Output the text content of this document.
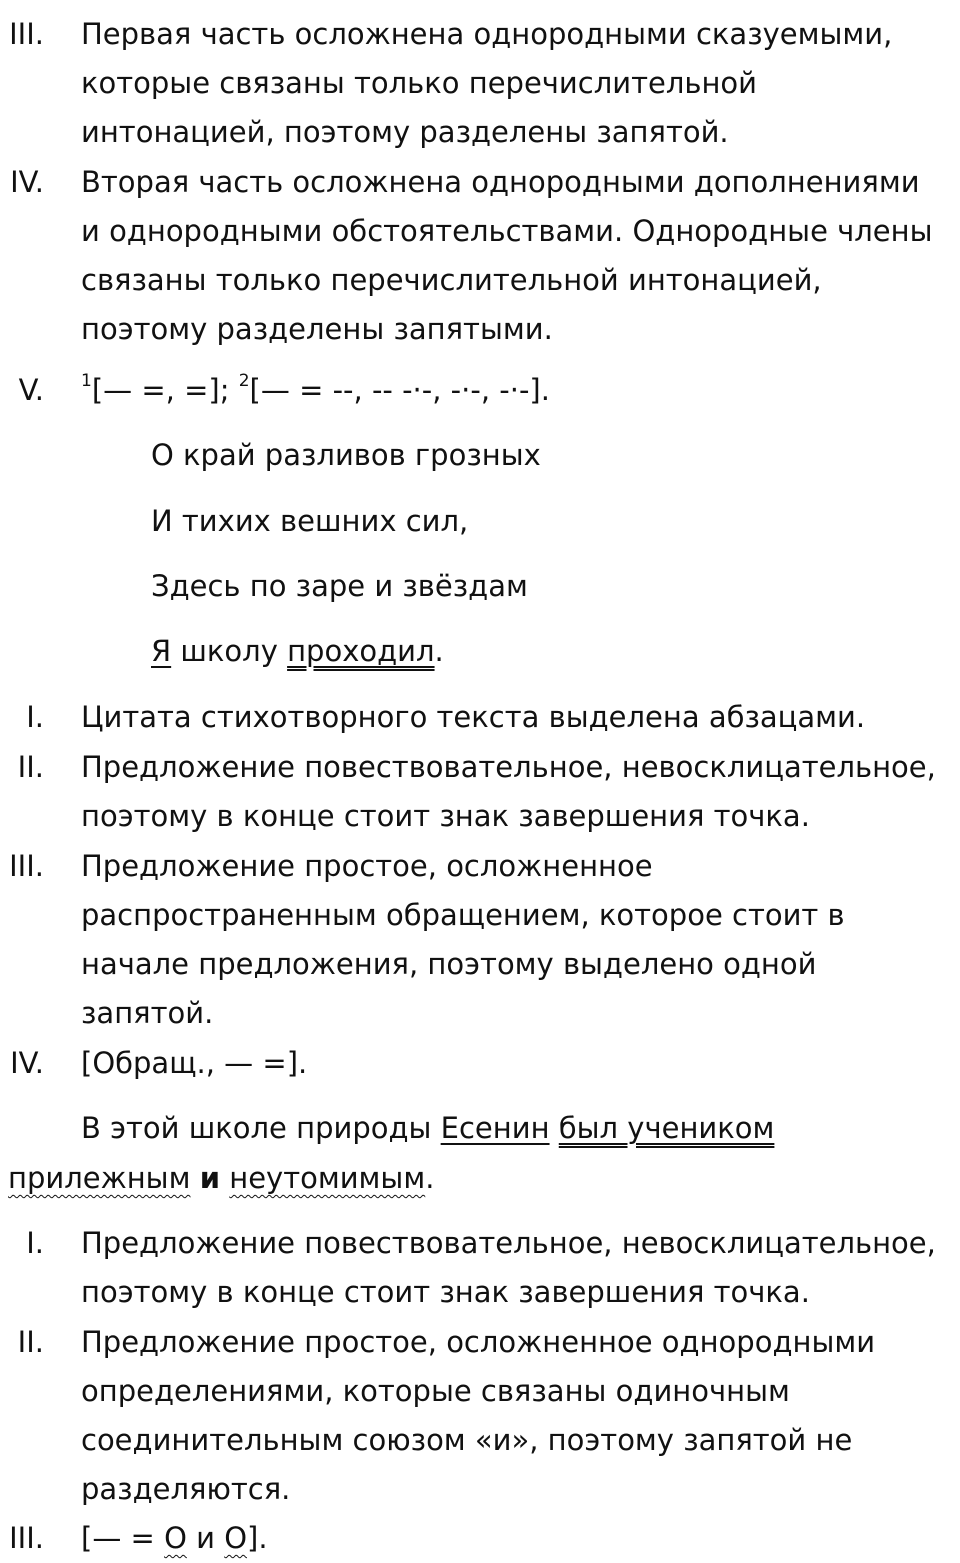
III. Первая часть осложнена однородными сказуемыми,
которые связаны только перечислительной
интонацией, поэтому разделены запятой.
IV. Вторая часть осложнена однородными дополнениями
и однородными обстоятельствами. Однородные члены
связаны только перечислительной интонацией,
поэтому разделены запятыми.
V. $^1$[— =, =]; $^2$[— = --, -- -·-, -·-, -·-].
О край разливов грозных
И тихих вешних сил,
Здесь по заре и звёздам
Я школу проходил.
I. Цитата стихотворного текста выделена абзацами.
II. Предложение повествовательное, невосклицательное,
поэтому в конце стоит знак завершения точка.
III. Предложение простое, осложненное
распространенным обращением, которое стоит в
начале предложения, поэтому выделено одной
запятой.
IV. [Обращ., — =].
В этой школе природы Есенин был учеником
прилежным и неутомимым.
I. Предложение повествовательное, невосклицательное,
поэтому в конце стоит знак завершения точка.
II. Предложение простое, осложненное однородными
определениями, которые связаны одиночным
соединительным союзом «и», поэтому запятой не
разделяются.
III. [— = О и О].
